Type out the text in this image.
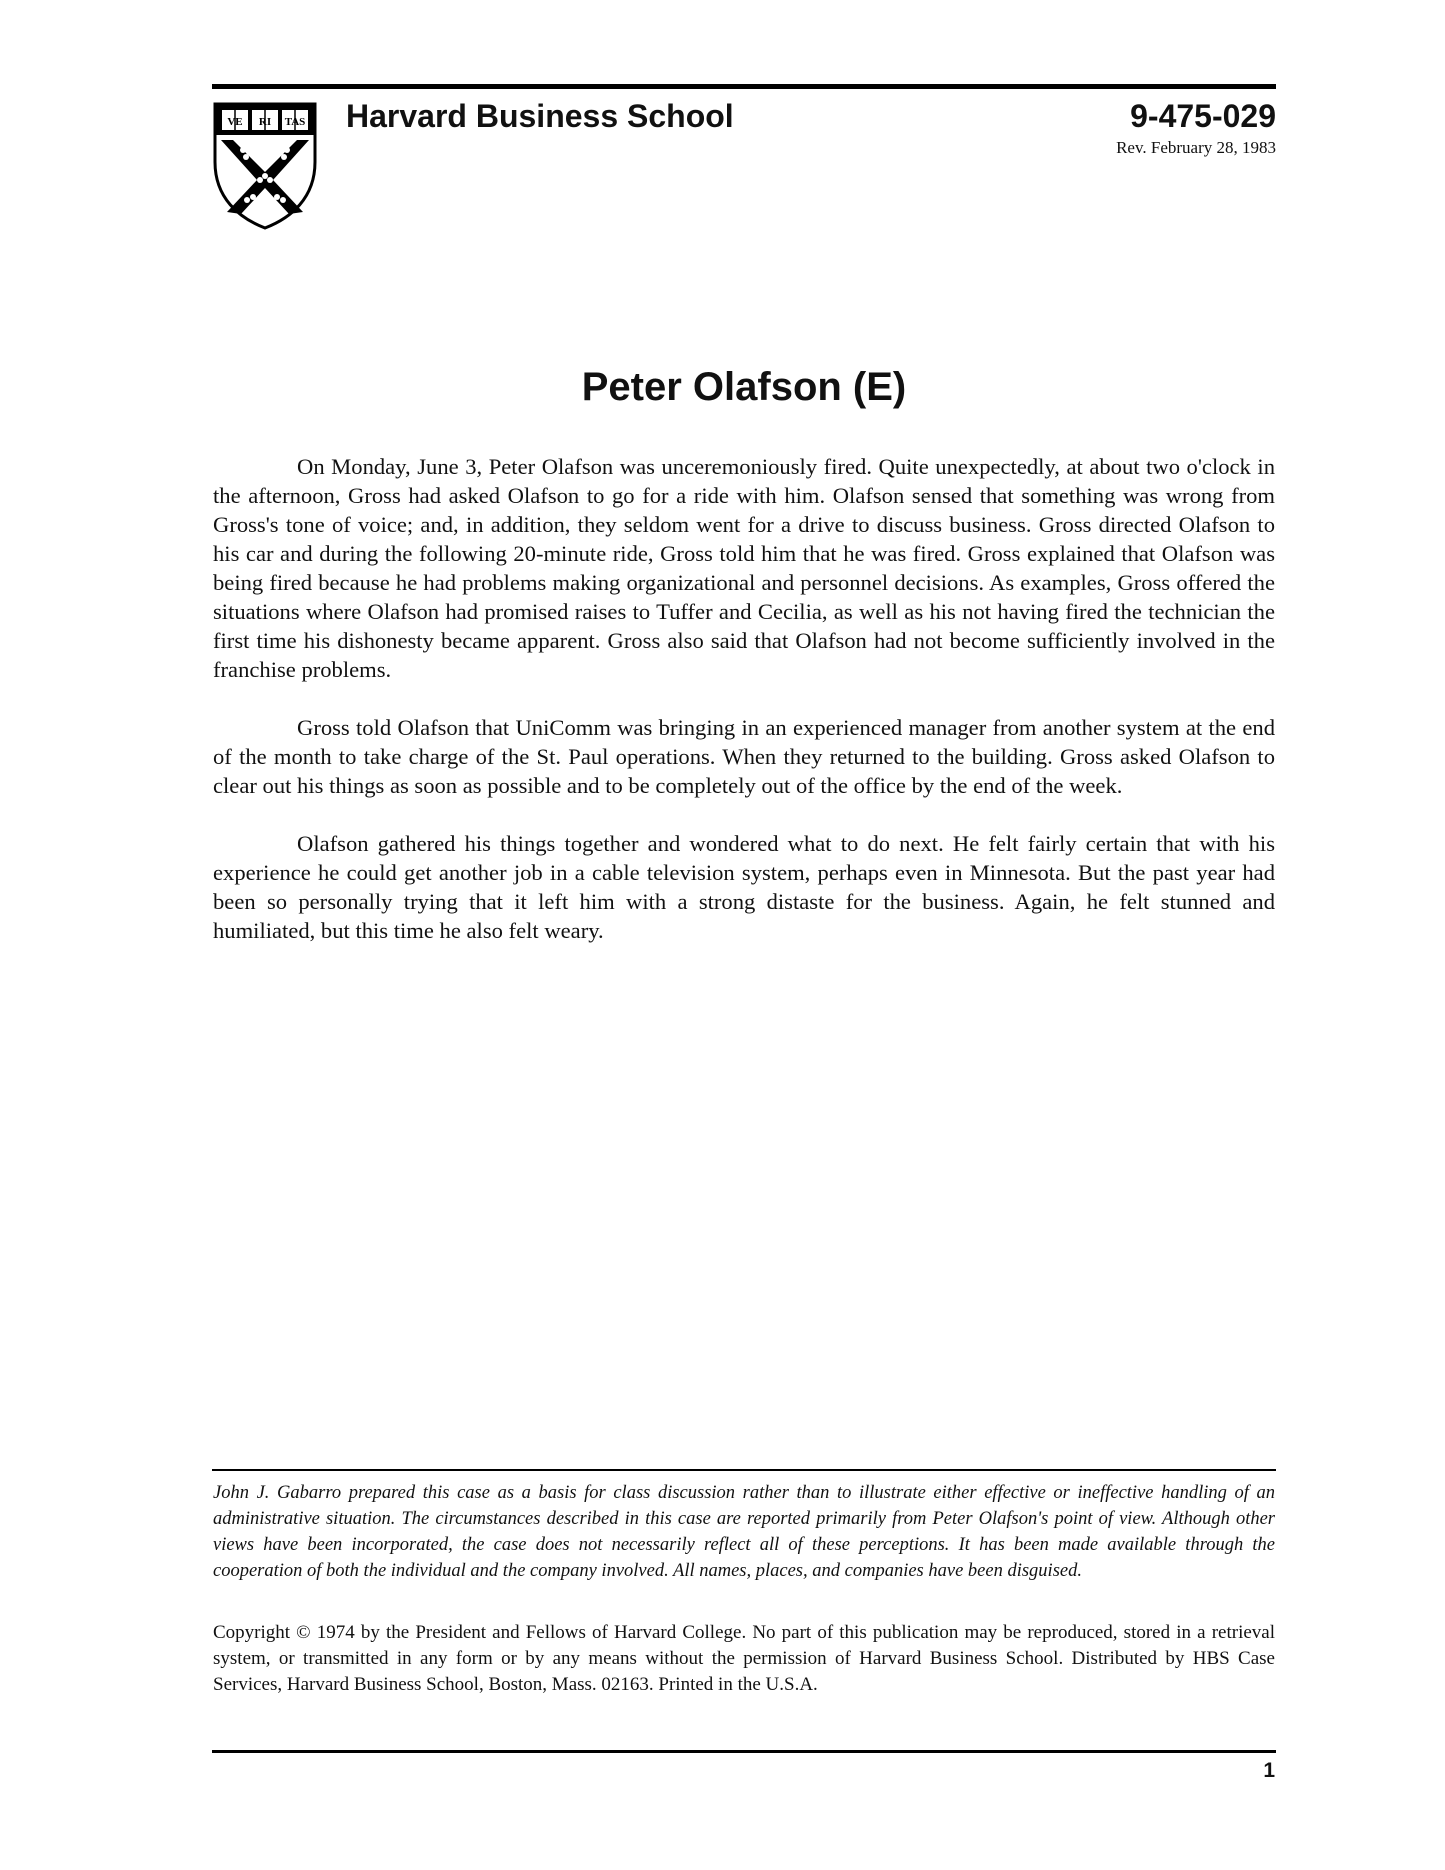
VE RI TAS Harvard Business School	9-475-029
Rev. February 28, 1983
Peter Olafson (E)

On Monday, June 3, Peter Olafson was unceremoniously fired. Quite unexpectedly, at about two o'clock in the afternoon, Gross had asked Olafson to go for a ride with him. Olafson sensed that something was wrong from Gross's tone of voice; and, in addition, they seldom went for a drive to discuss business. Gross directed Olafson to his car and during the following 20-minute ride, Gross told him that he was fired. Gross explained that Olafson was being fired because he had problems making organizational and personnel decisions. As examples, Gross offered the situations where Olafson had promised raises to Tuffer and Cecilia, as well as his not having fired the technician the first time his dishonesty became apparent. Gross also said that Olafson had not become sufficiently involved in the franchise problems.

Gross told Olafson that UniComm was bringing in an experienced manager from another system at the end of the month to take charge of the St. Paul operations. When they returned to the building. Gross asked Olafson to clear out his things as soon as possible and to be completely out of the office by the end of the week.

Olafson gathered his things together and wondered what to do next. He felt fairly certain that with his experience he could get another job in a cable television system, perhaps even in Minnesota. But the past year had been so personally trying that it left him with a strong distaste for the business. Again, he felt stunned and humiliated, but this time he also felt weary.

John J. Gabarro prepared this case as a basis for class discussion rather than to illustrate either effective or ineffective handling of an administrative situation. The circumstances described in this case are reported primarily from Peter Olafson's point of view. Although other views have been incorporated, the case does not necessarily reflect all of these perceptions. It has been made available through the cooperation of both the individual and the company involved. All names, places, and companies have been disguised.

Copyright © 1974 by the President and Fellows of Harvard College. No part of this publication may be reproduced, stored in a retrieval system, or transmitted in any form or by any means without the permission of Harvard Business School. Distributed by HBS Case Services, Harvard Business School, Boston, Mass. 02163. Printed in the U.S.A.

1
